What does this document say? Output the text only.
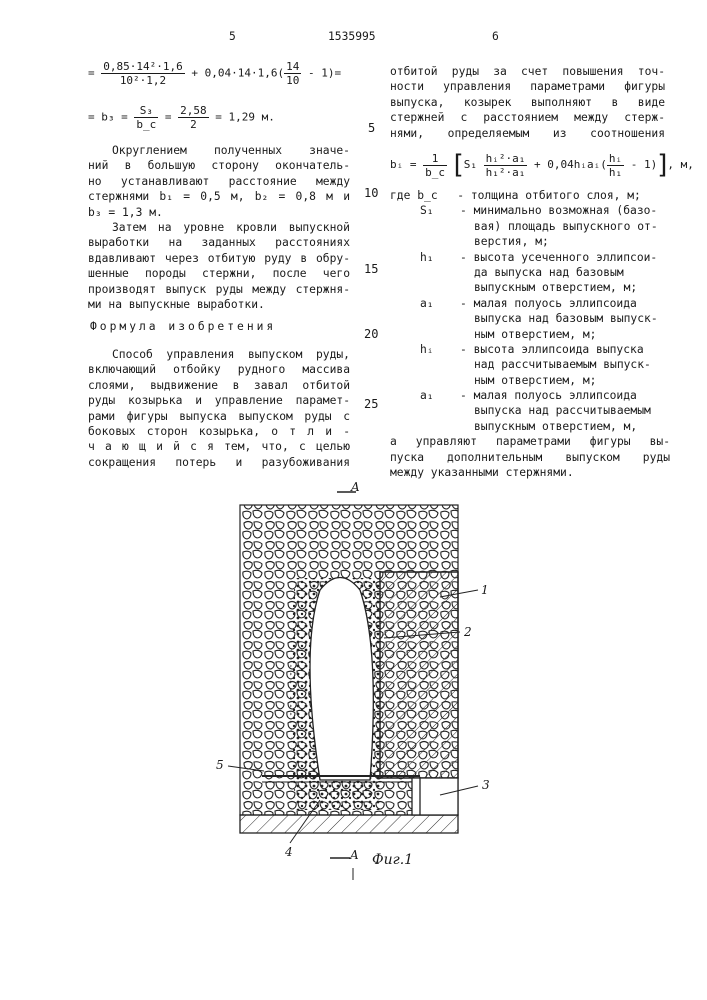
5	1535995	6
5
10
15
20
25
= $\frac{\text{0,85·14²·1,6}}{\text{10²·1,2}} + 0,04\cdot 14\cdot 1,6( \frac{14}{10} - 1)=$
= $b_3 = \frac{\text{S₃}}{b\_c} = \frac{2,58}{2} = 1,29$ м.
Округлением полученных значе-
ний в большую сторону окончатель-
но устанавливают расстояние между
стержнями b₁ = 0,5 м, b₂ = 0,8 м и
b₃ = 1,3 м.
Затем на уровне кровли выпускной
выработки на заданных расстояниях
вдавливают через отбитую руду в обру-
шенные породы стержни, после чего
производят выпуск руды между стержня-
ми на выпускные выработки.
Формула изобретения
Способ управления выпуском руды,
включающий отбойку рудного массива
слоями, выдвижение в завал отбитой
руды козырька и управление парамет-
рами фигуры выпуска выпуском руды с
боковых сторон козырька, о т л и -
ч а ю щ и й с я тем, что, с целью
сокращения потерь и разубоживания
отбитой руды за счет повышения точ-
ности управления параметрами фигуры
выпуска, козырек выполняют в виде
стержней с расстоянием между стерж-
нями, определяемым из соотношения
bᵢ = $\frac{1}{b\_c} [S_1 \frac{\text{hᵢ²·a₁}}{\text{h₁²·a₁}}$ + 0,04hᵢaᵢ( $\frac{\text{hᵢ}}{\text{h₁}} - 1$)], м,
где b_c - толщина отбитого слоя, м;
S₁ - минимально возможная (базо-
вая) площадь выпускного от-
верстия, м;
h₁ - высота усеченного эллипсои-
да выпуска над базовым
выпускным отверстием, м;
a₁ - малая полуось эллипсоида
выпуска над базовым выпуск-
ным отверстием, м;
hᵢ - высота эллипсоида выпуска
над рассчитываемым выпуск-
ным отверстием, м;
a₁ - малая полуось эллипсоида
выпуска над рассчитываемым
выпускным отверстием, м,
а управляют параметрами фигуры вы-
пуска дополнительным выпуском руды
между указанными стержнями.
A
A
1
2
3
4
5
Фиг.1
